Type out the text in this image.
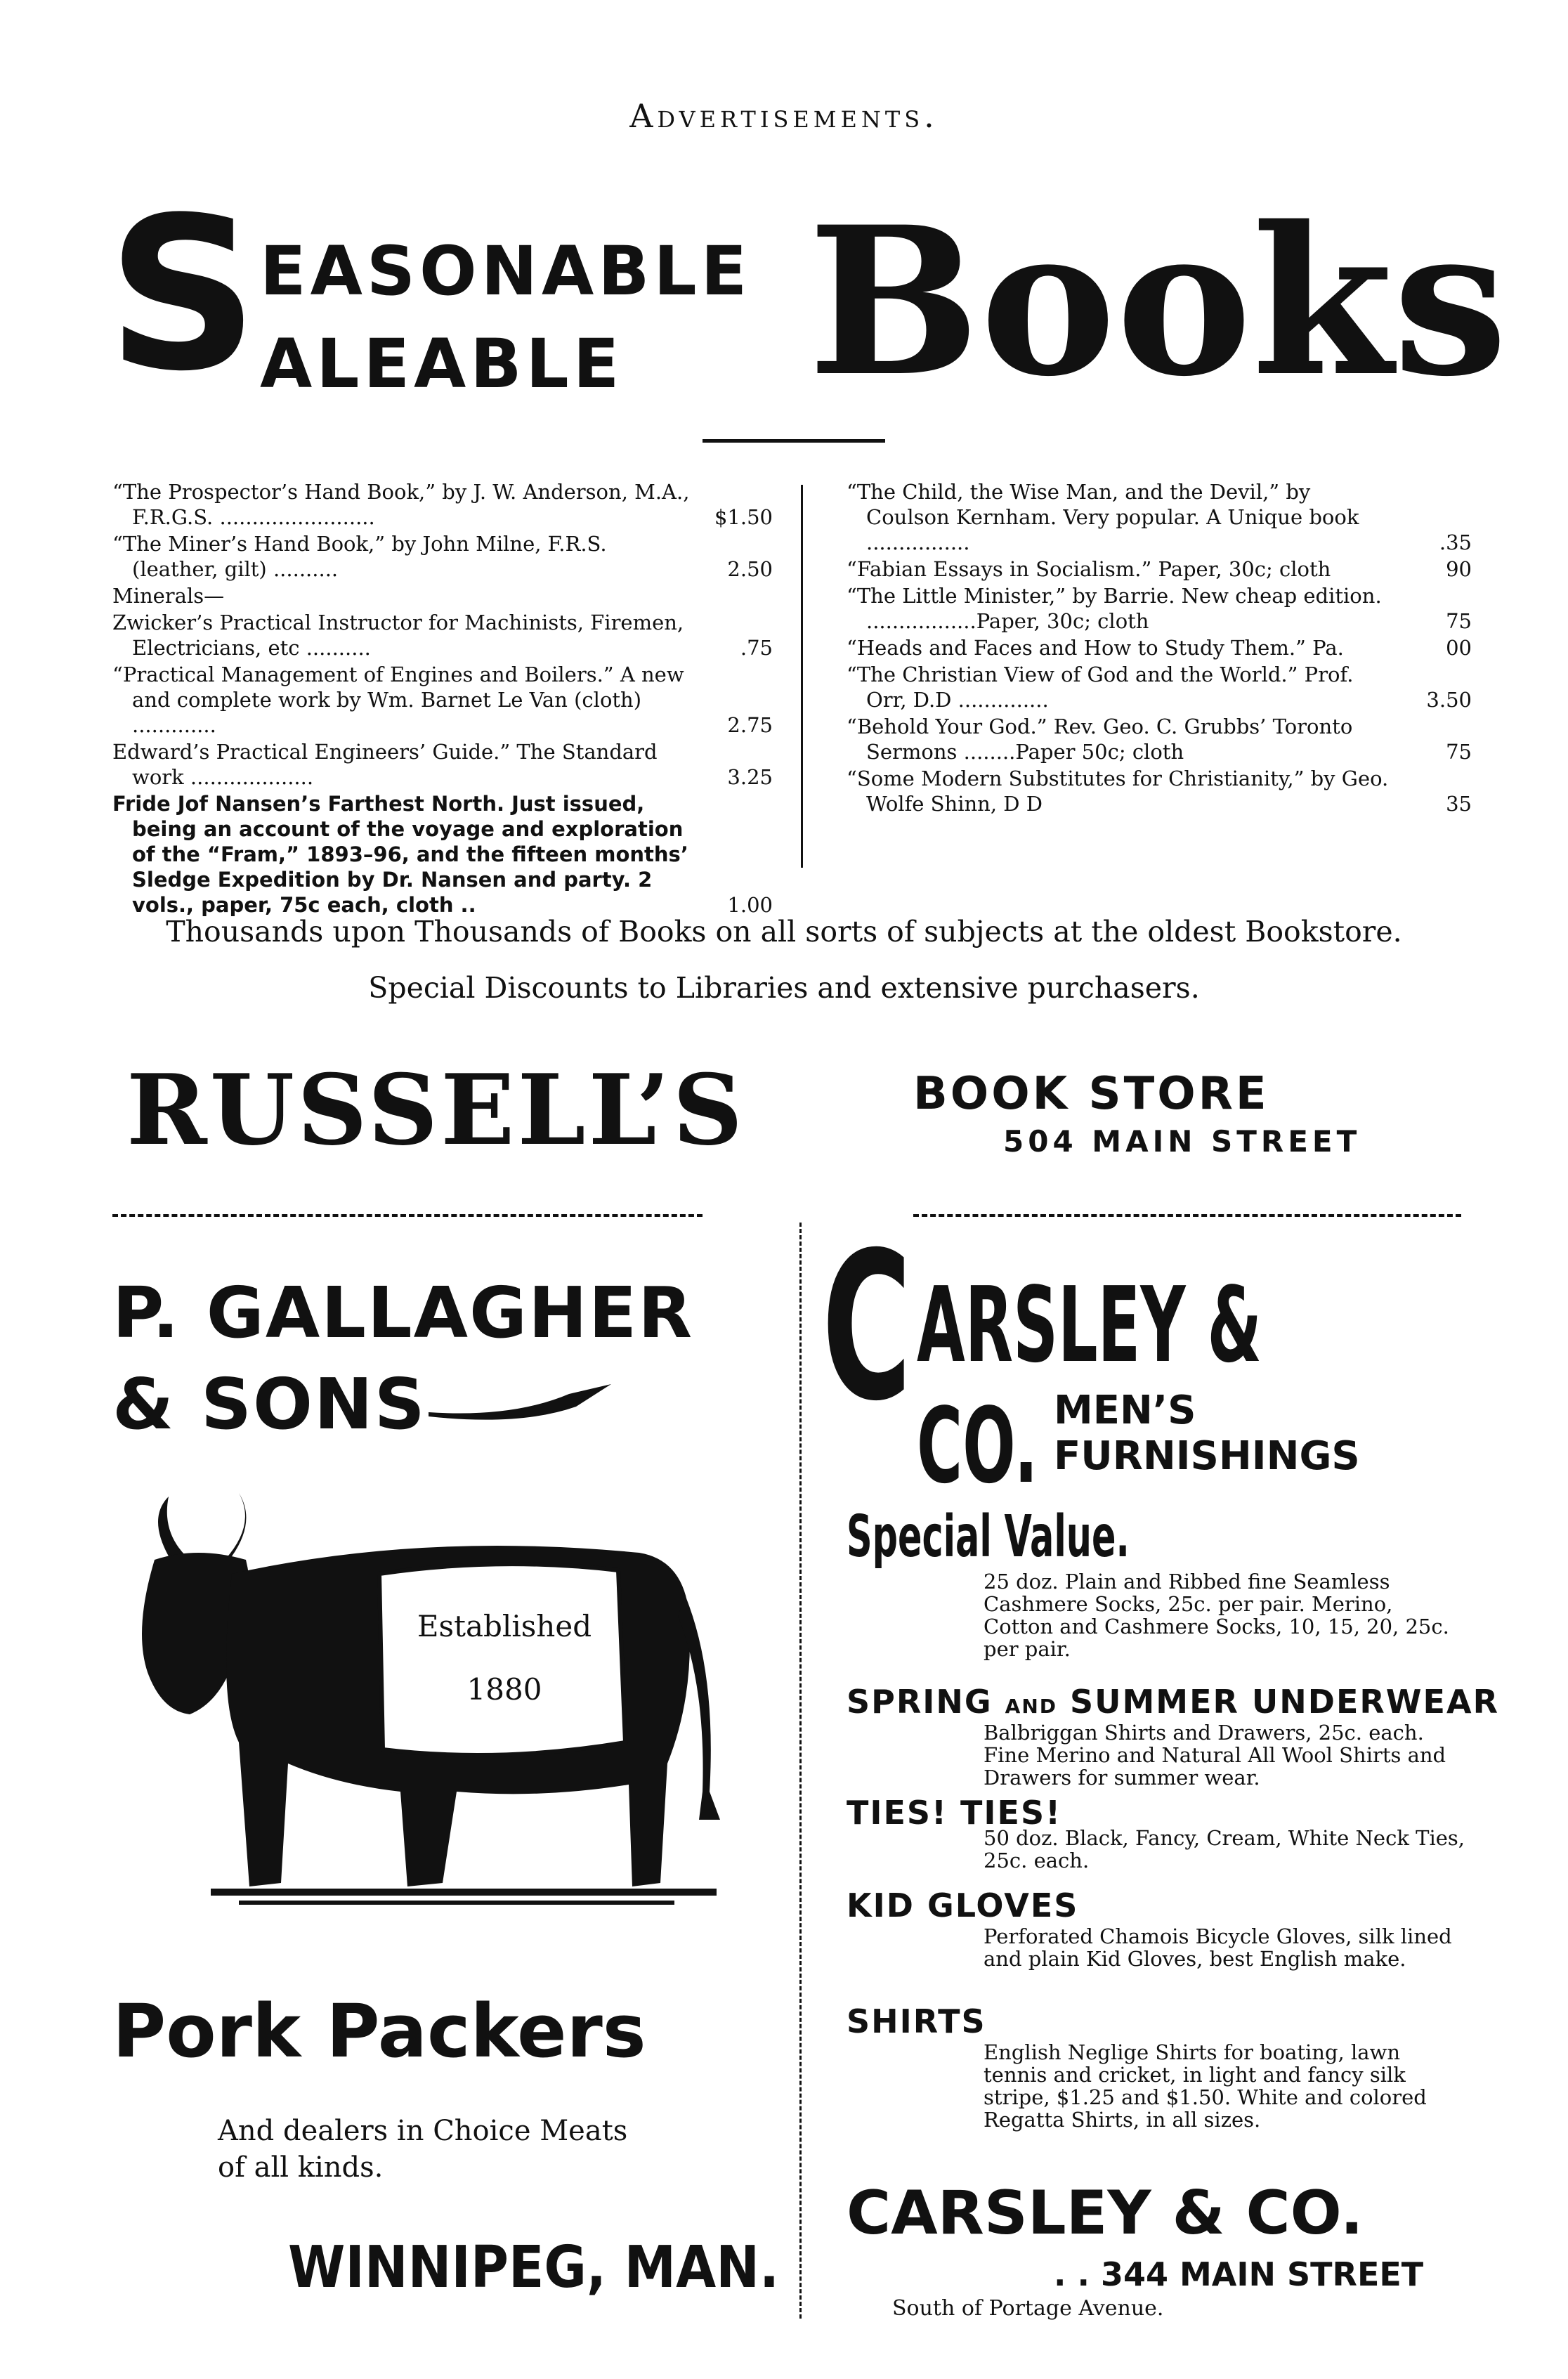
Advertisements.
S EASONABLE
ALEABLE Books
“The Prospector’s Hand Book,” by J. W. Anderson, M.A., F.R.G.S. ........................	$1.50
“The Miner’s Hand Book,” by John Milne, F.R.S. (leather, gilt) ..........	2.50
Minerals—
Zwicker’s Practical Instructor for Machinists, Firemen, Electricians, etc ..........	.75
“Practical Management of Engines and Boilers.” A new and complete work by Wm. Barnet Le Van (cloth) .............	2.75
Edward’s Practical Engineers’ Guide.” The Standard work ...................	3.25
Fride Jof Nansen’s Farthest North. Just issued, being an account of the voyage and exploration of the “Fram,” 1893–96, and the fifteen months’ Sledge Expedition by Dr. Nansen and party. 2 vols., paper, 75c each, cloth ..	1.00
“The Child, the Wise Man, and the Devil,” by Coulson Kernham. Very popular. A Unique book ................	.35
“Fabian Essays in Socialism.” Paper, 30c; cloth	90
“The Little Minister,” by Barrie. New cheap edition. .................Paper, 30c; cloth	75
“Heads and Faces and How to Study Them.” Pa.	00
“The Christian View of God and the World.” Prof. Orr, D.D ..............	3.50
“Behold Your God.” Rev. Geo. C. Grubbs’ Toronto Sermons ........Paper 50c; cloth	75
“Some Modern Substitutes for Christianity,” by Geo. Wolfe Shinn, D D	35
Thousands upon Thousands of Books on all sorts of subjects at the oldest Bookstore.
Special Discounts to Libraries and extensive purchasers.
RUSSELL’S	BOOK STORE
504 MAIN STREET
P. GALLAGHER
& SONS
Established
1880
Pork Packers
And dealers in Choice Meats
of all kinds.
WINNIPEG, MAN.
C ARSLEY & CO. MEN’S
FURNISHINGS
Special Value.
25 doz. Plain and Ribbed fine Seamless Cashmere Socks, 25c. per pair. Merino, Cotton and Cashmere Socks, 10, 15, 20, 25c. per pair.
SPRING AND SUMMER UNDERWEAR
Balbriggan Shirts and Drawers, 25c. each. Fine Merino and Natural All Wool Shirts and Drawers for summer wear.
TIES! TIES!
50 doz. Black, Fancy, Cream, White Neck Ties, 25c. each.
KID GLOVES
Perforated Chamois Bicycle Gloves, silk lined and plain Kid Gloves, best English make.
SHIRTS
English Neglige Shirts for boating, lawn tennis and cricket, in light and fancy silk stripe, $1.25 and $1.50. White and colored Regatta Shirts, in all sizes.
CARSLEY & CO.
. . 344 MAIN STREET
South of Portage Avenue.
